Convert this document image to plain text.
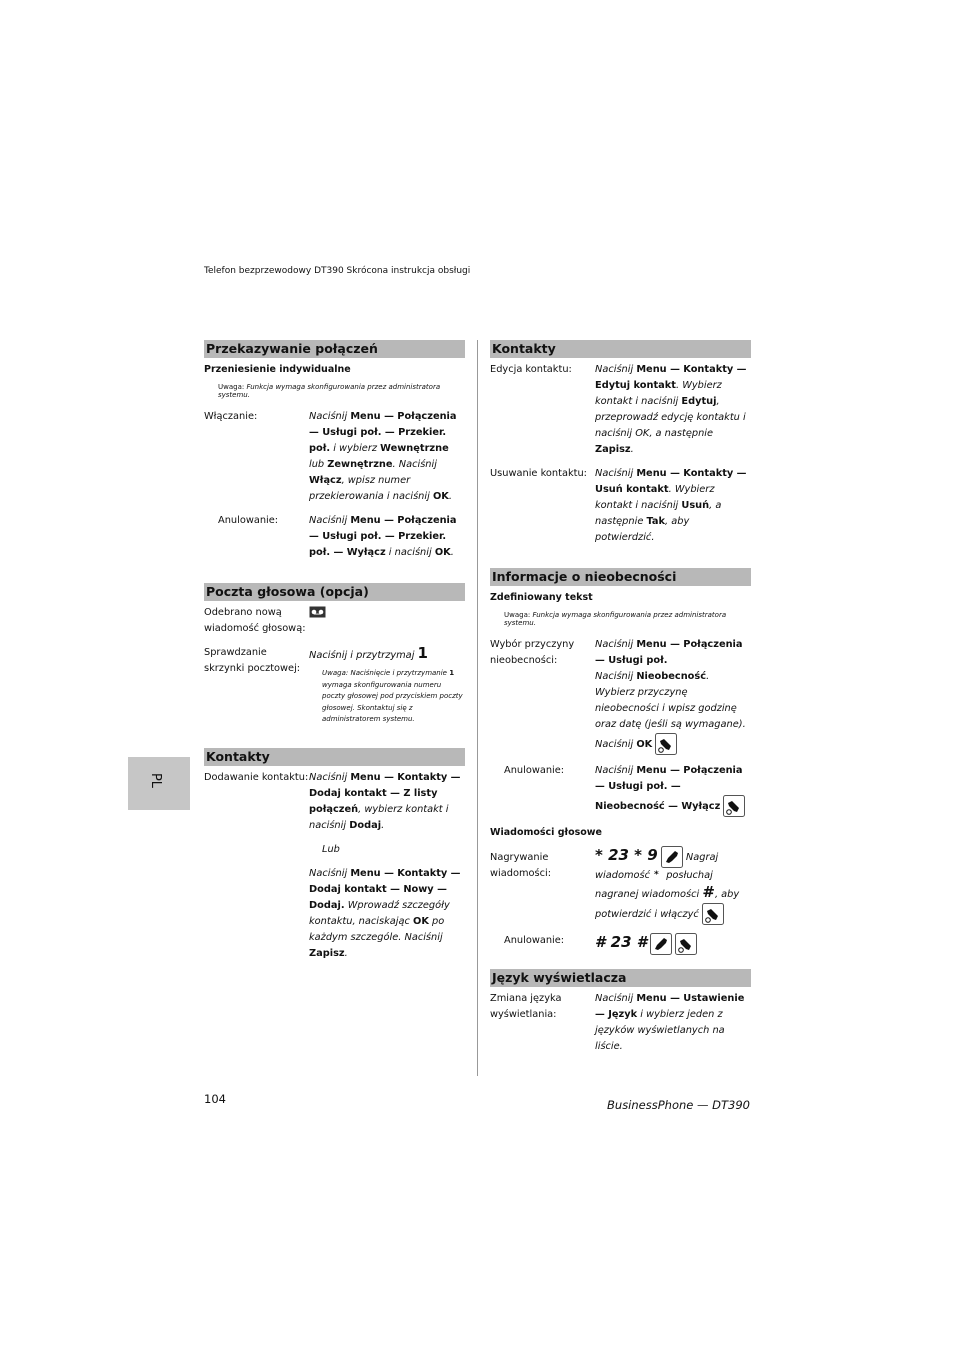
Telefon bezprzewodowy DT390 Skrócona instrukcja obsługi
Przekazywanie połączeń
Przeniesienie indywidualne
Uwaga: Funkcja wymaga skonfigurowania przez administratora systemu.
Włączanie:	Naciśnij Menu — Połączenia — Usługi poł. — Przekier. poł. i wybierz Wewnętrzne lub Zewnętrzne. Naciśnij Włącz, wpisz numer przekierowania i naciśnij OK.
Anulowanie:	Naciśnij Menu — Połączenia — Usługi poł. — Przekier. poł. — Wyłącz i naciśnij OK.
Poczta głosowa (opcja)
Odebrano nową wiadomość głosową:
Sprawdzanie skrzynki pocztowej:
Naciśnij i przytrzymaj 1
Uwaga: Naciśnięcie i przytrzymanie 1 wymaga skonfigurowania numeru poczty głosowej pod przyciskiem poczty głosowej. Skontaktuj się z administratorem systemu.
Kontakty
Dodawanie kontaktu: Naciśnij Menu — Kontakty — Dodaj kontakt — Z listy połączeń, wybierz kontakt i naciśnij Dodaj.
Lub
Naciśnij Menu — Kontakty — Dodaj kontakt — Nowy — Dodaj. Wprowadź szczegóły kontaktu, naciskając OK po każdym szczególe. Naciśnij Zapisz.
Kontakty
Edycja kontaktu:	Naciśnij Menu — Kontakty — Edytuj kontakt. Wybierz kontakt i naciśnij Edytuj, przeprowadź edycję kontaktu i naciśnij OK, a następnie Zapisz.
Usuwanie kontaktu: Naciśnij Menu — Kontakty — Usuń kontakt. Wybierz kontakt i naciśnij Usuń, a następnie Tak, aby potwierdzić.
Informacje o nieobecności
Zdefiniowany tekst
Uwaga: Funkcja wymaga skonfigurowania przez administratora systemu.
Wybór przyczyny nieobecności:
Naciśnij Menu — Połączenia — Usługi poł.
Naciśnij Nieobecność. Wybierz przyczynę nieobecności i wpisz godzinę oraz datę (jeśli są wymagane). Naciśnij OK
Anulowanie:	Naciśnij Menu — Połączenia — Usługi poł. — Nieobecność — Wyłącz
Wiadomości głosowe
Nagrywanie wiadomości:
* 23 * 9	Nagraj wiadomość * posłuchaj nagranej wiadomości #, aby potwierdzić i włączyć
Anulowanie:	# 23 #
Język wyświetlacza
Zmiana języka wyświetlania:
Naciśnij Menu — Ustawienie — Język i wybierz jeden z języków wyświetlanych na liście.
PL
104	BusinessPhone — DT390
